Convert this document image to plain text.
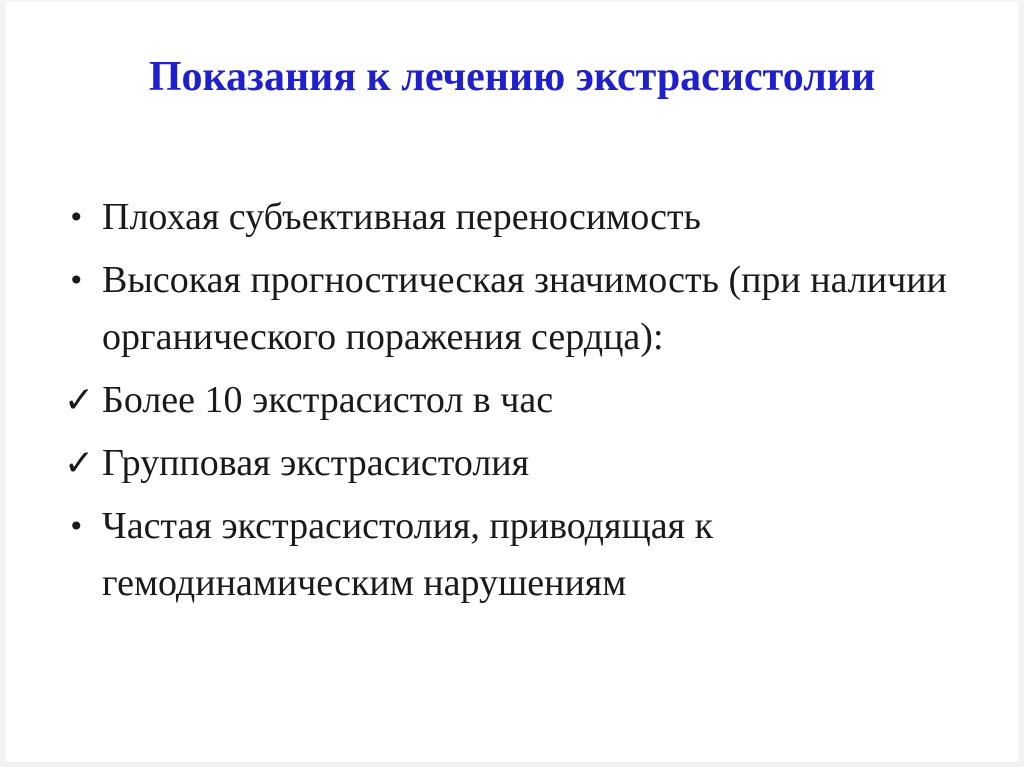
Показания к лечению экстрасистолии
• Плохая субъективная переносимость
• Высокая прогностическая значимость (при наличии органического поражения сердца):
✓ Более 10 экстрасистол в час
✓ Групповая экстрасистолия
• Частая экстрасистолия, приводящая к гемодинамическим нарушениям
